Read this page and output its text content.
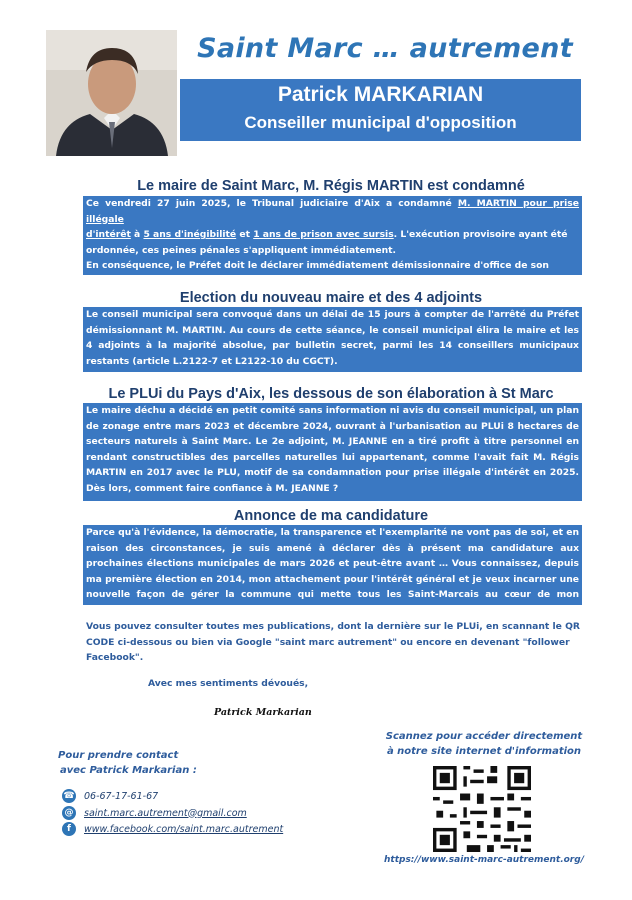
Saint Marc … autrement
Patrick MARKARIAN
Conseiller municipal d'opposition
Le maire de Saint Marc, M. Régis MARTIN est condamné

Ce vendredi 27 juin 2025, le Tribunal judiciaire d'Aix a condamné M. MARTIN pour prise illégale

d'intérêt à 5 ans d'inégibilité et 1 ans de prison avec sursis. L'exécution provisoire ayant été

ordonnée, ces peines pénales s'appliquent immédiatement.

En conséquence, le Préfet doit le déclarer immédiatement démissionnaire d'office de son

mandat sur le fondement de l'article L236 du code électoral.

Election du nouveau maire et des 4 adjoints
Le conseil municipal sera convoqué dans un délai de 15 jours à compter de l'arrêté du Préfet démissionnant M. MARTIN. Au cours de cette séance, le conseil municipal élira le maire et les 4 adjoints à la majorité absolue, par bulletin secret, parmi les 14 conseillers municipaux restants (article L.2122-7 et L2122-10 du CGCT).
Le PLUi du Pays d'Aix, les dessous de son élaboration à St Marc
Le maire déchu a décidé en petit comité sans information ni avis du conseil municipal, un plan de zonage entre mars 2023 et décembre 2024, ouvrant à l'urbanisation au PLUi 8 hectares de secteurs naturels à Saint Marc. Le 2e adjoint, M. JEANNE en a tiré profit à titre personnel en rendant constructibles des parcelles naturelles lui appartenant, comme l'avait fait M. Régis MARTIN en 2017 avec le PLU, motif de sa condamnation pour prise illégale d'intérêt en 2025. Dès lors, comment faire confiance à M. JEANNE ?
Annonce de ma candidature
Parce qu'à l'évidence, la démocratie, la transparence et l'exemplarité ne vont pas de soi, et en raison des circonstances, je suis amené à déclarer dès à présent ma candidature aux prochaines élections municipales de mars 2026 et peut-être avant … Vous connaissez, depuis ma première élection en 2014, mon attachement pour l'intérêt général et je veux incarner une nouvelle façon de gérer la commune qui mette tous les Saint-Marcais au cœur de mon engagement.
Vous pouvez consulter toutes mes publications, dont la dernière sur le PLUi, en scannant le QR CODE ci-dessous ou bien via Google "saint marc autrement" ou encore en devenant "follower Facebook".
Avec mes sentiments dévoués,
Patrick Markarian
Pour prendre contact
avec Patrick Markarian :
☎ 06-67-17-61-67
@ saint.marc.autrement@gmail.com
f	www.facebook.com/saint.marc.autrement
Scannez pour accéder directement
à notre site internet d'information
https://www.saint-marc-autrement.org/
